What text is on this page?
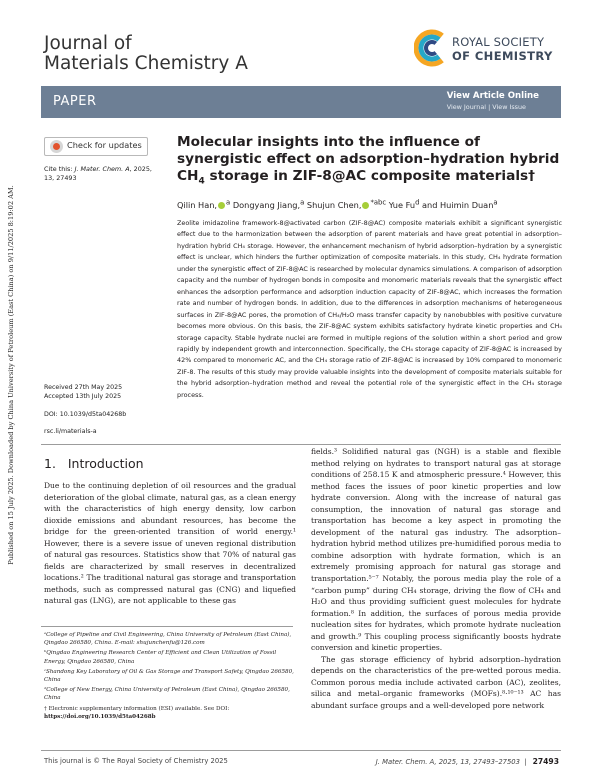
Published on 15 July 2025. Downloaded by China University of Petroleum (East China) on 9/11/2025 8:19:02 AM.
Journal of
Materials Chemistry A
ROYAL SOCIETY
OF CHEMISTRY
PAPER	View Article Online
View Journal | View Issue
Check for updates
Cite this: J. Mater. Chem. A, 2025, 13, 27493
Molecular insights into the influence of synergistic effect on adsorption–hydration hybrid $CH_4$ storage in ZIF-8@AC composite materials†
Qilin Han, $^a$ Dongyang Jiang,$^a$ Shujun Chen, $^{*abc}$ Yue Fu$^d$ and Huimin Duan$^a$
Zeolite imidazoline framework-8@activated carbon (ZIF-8@AC) composite materials exhibit a significant synergistic effect due to the harmonization between the adsorption of parent materials and have great potential in adsorption–hydration hybrid CH₄ storage. However, the enhancement mechanism of hybrid adsorption–hydration by a synergistic effect is unclear, which hinders the further optimization of composite materials. In this study, CH₄ hydrate formation under the synergistic effect of ZIF-8@AC is researched by molecular dynamics simulations. A comparison of adsorption capacity and the number of hydrogen bonds in composite and monomeric materials reveals that the synergistic effect enhances the adsorption performance and adsorption induction capacity of ZIF-8@AC, which increases the formation rate and number of hydrogen bonds. In addition, due to the differences in adsorption mechanisms of heterogeneous surfaces in ZIF-8@AC pores, the promotion of CH₄/H₂O mass transfer capacity by nanobubbles with positive curvature becomes more obvious. On this basis, the ZIF-8@AC system exhibits satisfactory hydrate kinetic properties and CH₄ storage capacity. Stable hydrate nuclei are formed in multiple regions of the solution within a short period and grow rapidly by independent growth and interconnection. Specifically, the CH₄ storage capacity of ZIF-8@AC is increased by 42% compared to monomeric AC, and the CH₄ storage ratio of ZIF-8@AC is increased by 10% compared to monomeric ZIF-8. The results of this study may provide valuable insights into the development of composite materials suitable for the hybrid adsorption–hydration method and reveal the potential role of the synergistic effect in the CH₄ storage process.
Received 27th May 2025
Accepted 13th July 2025
DOI: 10.1039/d5ta04268b
rsc.li/materials-a
1. Introduction

Due to the continuing depletion of oil resources and the gradual deterioration of the global climate, natural gas, as a clean energy with the characteristics of high energy density, low carbon dioxide emissions and abundant resources, has become the bridge for the green-oriented transition of world energy.¹ However, there is a severe issue of uneven regional distribution of natural gas resources. Statistics show that 70% of natural gas fields are characterized by small reserves in decentralized locations.² The traditional natural gas storage and transportation methods, such as compressed natural gas (CNG) and liquefied natural gas (LNG), are not applicable to these gas

fields.³ Solidified natural gas (NGH) is a stable and flexible method relying on hydrates to transport natural gas at storage conditions of 258.15 K and atmospheric pressure.⁴ However, this method faces the issues of poor kinetic properties and low hydrate conversion. Along with the increase of natural gas consumption, the innovation of natural gas storage and transportation has become a key aspect in promoting the development of the natural gas industry. The adsorption–hydration hybrid method utilizes pre-humidified porous media to combine adsorption with hydrate formation, which is an extremely promising approach for natural gas storage and transportation.⁵⁻⁷ Notably, the porous media play the role of a “carbon pump” during CH₄ storage, driving the flow of CH₄ and H₂O and thus providing sufficient guest molecules for hydrate formation.⁸ In addition, the surfaces of porous media provide nucleation sites for hydrates, which promote hydrate nucleation and growth.⁹ This coupling process significantly boosts hydrate conversion and kinetic properties.

The gas storage efficiency of hybrid adsorption–hydration depends on the characteristics of the pre-wetted porous media. Common porous media include activated carbon (AC), zeolites, silica and metal–organic frameworks (MOFs).⁸·¹⁰⁻¹³ AC has abundant surface groups and a well-developed pore network

ᵃCollege of Pipeline and Civil Engineering, China University of Petroleum (East China), Qingdao 266580, China. E-mail: shujunchenfu@126.com

ᵇQingdao Engineering Research Center of Efficient and Clean Utilization of Fossil Energy, Qingdao 266580, China

ᶜShandong Key Laboratory of Oil & Gas Storage and Transport Safety, Qingdao 266580, China

ᵈCollege of New Energy, China University of Petroleum (East China), Qingdao 266580, China

† Electronic supplementary information (ESI) available. See DOI:
https://doi.org/10.1039/d5ta04268b

This journal is © The Royal Society of Chemistry 2025	J. Mater. Chem. A, 2025, 13, 27493–27503 | 27493
